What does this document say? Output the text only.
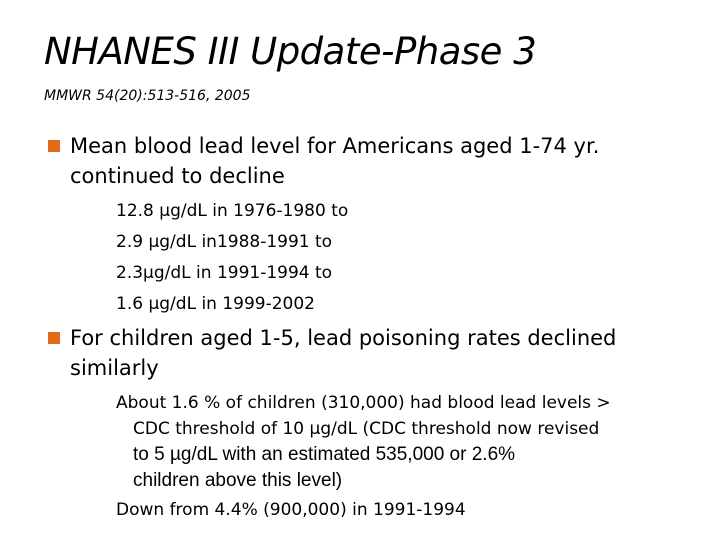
NHANES III Update-Phase 3
MMWR 54(20):513-516, 2005
Mean blood lead level for Americans aged 1-74 yr. continued to decline
12.8 µg/dL in 1976-1980 to
2.9 µg/dL in1988-1991 to
2.3µg/dL in 1991-1994 to
1.6 µg/dL in 1999-2002
For children aged 1-5, lead poisoning rates declined similarly
About 1.6 % of children (310,000) had blood lead levels >
CDC threshold of 10 µg/dL (CDC threshold now revised
to 5 µg/dL with an estimated 535,000 or 2.6%
children above this level)
Down from 4.4% (900,000) in 1991-1994
